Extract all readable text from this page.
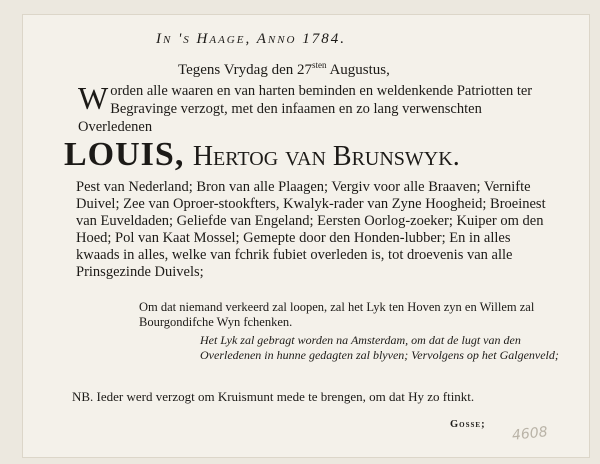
In 's Haage, Anno 1784.
Tegens Vrydag den $27^{sten}$ Augustus,
Worden alle waaren en van harten beminden en weldenkende Patriotten ter Begravinge verzogt, met den infaamen en zo lang verwenschten Overledenen
LOUIS, Hertog van Brunswyk.
Pest van Nederland; Bron van alle Plaagen; Vergiv voor alle Braaven; Vernifte Duivel; Zee van Oproer-stookfters, Kwalyk-rader van Zyne Hoogheid; Broeinest van Euveldaden; Geliefde van Engeland; Eersten Oorlog-zoeker; Kuiper om den Hoed; Pol van Kaat Mossel; Gemepte door den Honden-lubber; En in alles kwaads in alles, welke van fchrik fubiet overleden is, tot droevenis van alle Prinsgezinde Duivels;
Om dat niemand verkeerd zal loopen, zal het Lyk ten Hoven zyn en Willem zal Bourgondifche Wyn fchenken.
Het Lyk zal gebragt worden na Amsterdam, om dat de lugt van den Overledenen in hunne gedagten zal blyven; Vervolgens op het Galgenveld;
NB. Ieder werd verzogt om Kruismunt mede te brengen, om dat Hy zo ftinkt.
Gosse; 4608
